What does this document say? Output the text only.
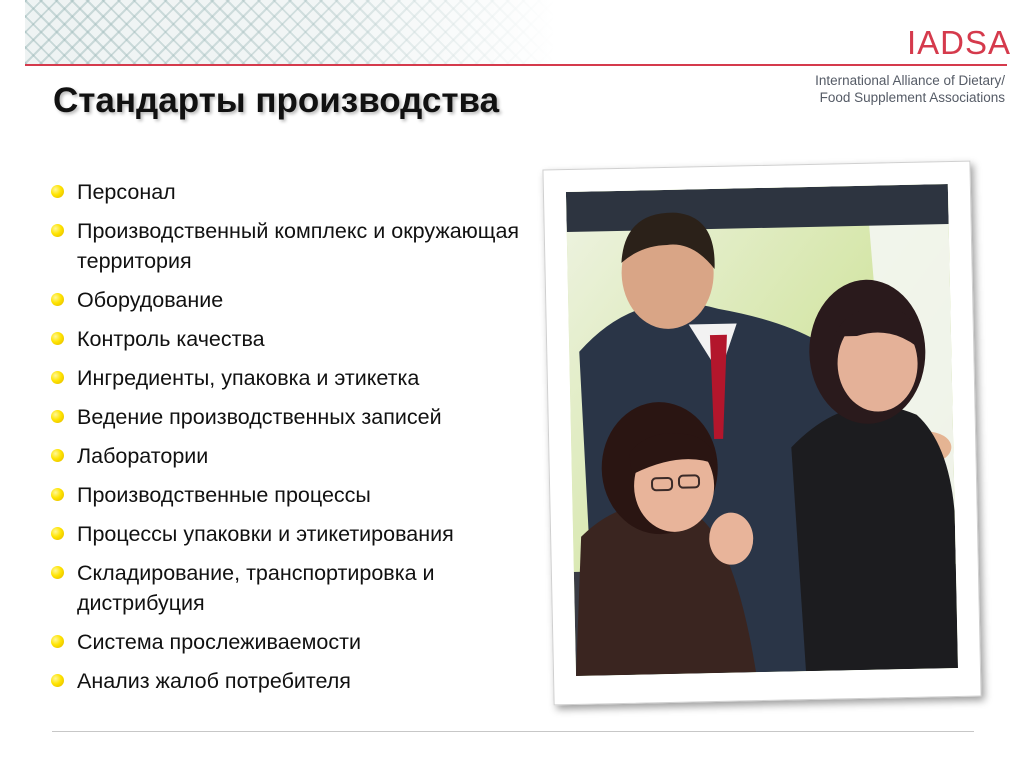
IADSA
International Alliance of Dietary/
Food Supplement Associations
Стандарты производства
Персонал
Производственный комплекс и окружающая территория
Оборудование
Контроль качества
Ингредиенты, упаковка и этикетка
Ведение производственных записей
Лаборатории
Производственные процессы
Процессы упаковки и этикетирования
Складирование, транспортировка и дистрибуция
Система прослеживаемости
Анализ жалоб потребителя
